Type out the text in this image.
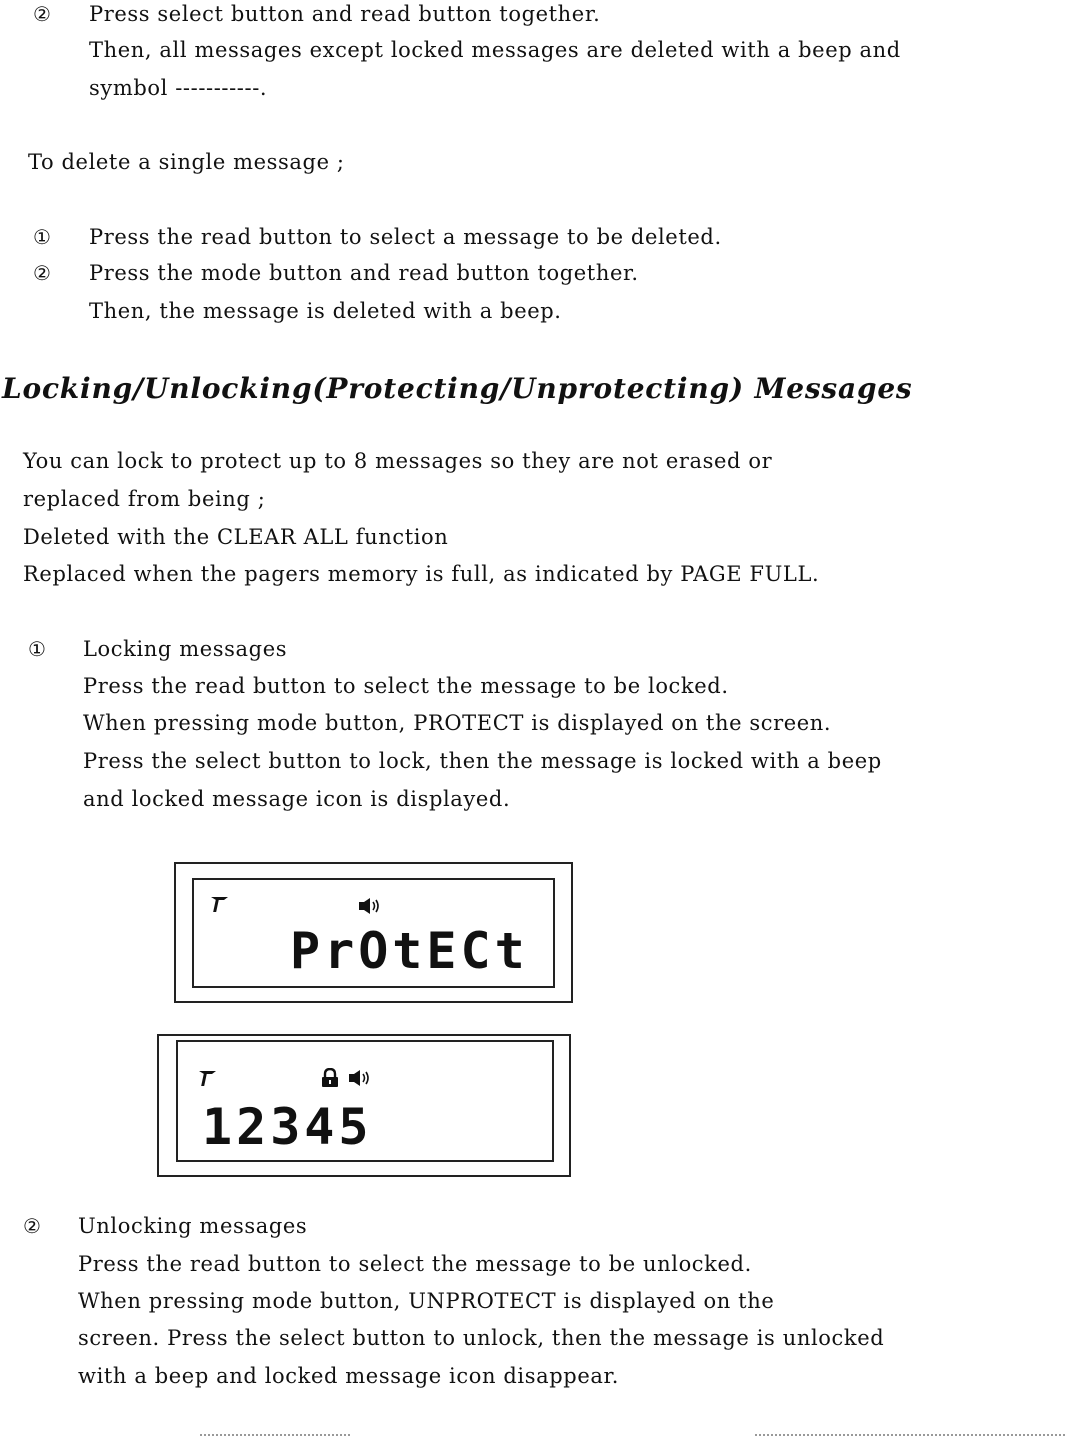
② Press select button and read button together.
Then, all messages except locked messages are deleted with a beep and
symbol -----------.
To delete a single message ;
① Press the read button to select a message to be deleted.
② Press the mode button and read button together.
Then, the message is deleted with a beep.
Locking/Unlocking(Protecting/Unprotecting) Messages
You can lock to protect up to 8 messages so they are not erased or
replaced from being ;
Deleted with the CLEAR ALL function
Replaced when the pagers memory is full, as indicated by PAGE FULL.
① Locking messages
Press the read button to select the message to be locked.
When pressing mode button, PROTECT is displayed on the screen.
Press the select button to lock, then the message is locked with a beep
and locked message icon is displayed.
PrOtECt
12345
② Unlocking messages
Press the read button to select the message to be unlocked.
When pressing mode button, UNPROTECT is displayed on the
screen. Press the select button to unlock, then the message is unlocked
with a beep and locked message icon disappear.
